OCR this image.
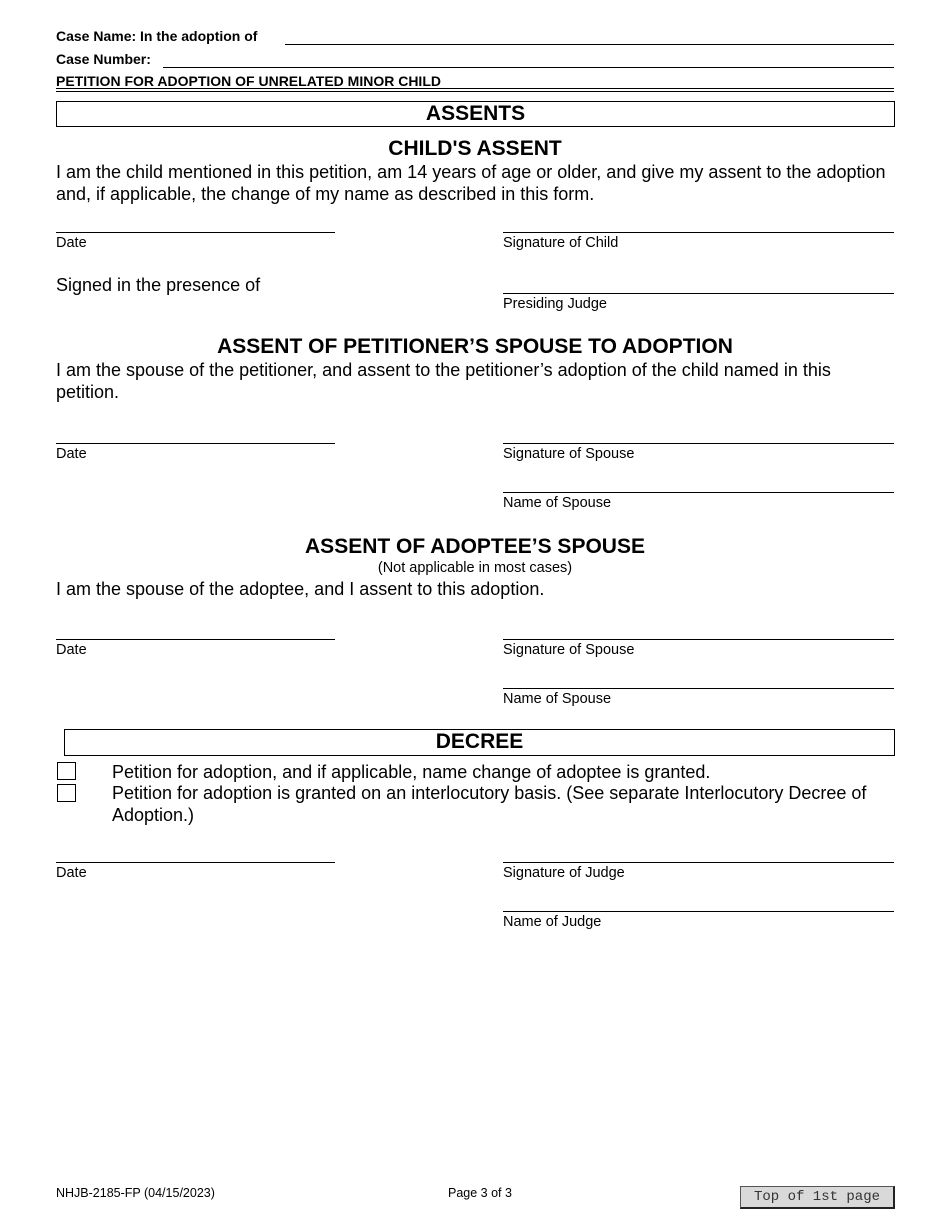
Case Name: In the adoption of
Case Number:
PETITION FOR ADOPTION OF UNRELATED MINOR CHILD
ASSENTS
CHILD'S ASSENT
I am the child mentioned in this petition, am 14 years of age or older, and give my assent to the adoption and, if applicable, the change of my name as described in this form.
Date	Signature of Child
Signed in the presence of
Presiding Judge
ASSENT OF PETITIONER’S SPOUSE TO ADOPTION
I am the spouse of the petitioner, and assent to the petitioner’s adoption of the child named in this petition.
Date	Signature of Spouse
Name of Spouse
ASSENT OF ADOPTEE’S SPOUSE
(Not applicable in most cases)
I am the spouse of the adoptee, and I assent to this adoption.
Date	Signature of Spouse
Name of Spouse
DECREE
Petition for adoption, and if applicable, name change of adoptee is granted.
Petition for adoption is granted on an interlocutory basis. (See separate Interlocutory Decree of Adoption.)
Date	Signature of Judge
Name of Judge
NHJB-2185-FP (04/15/2023)	Page 3 of 3	Top of 1st page
